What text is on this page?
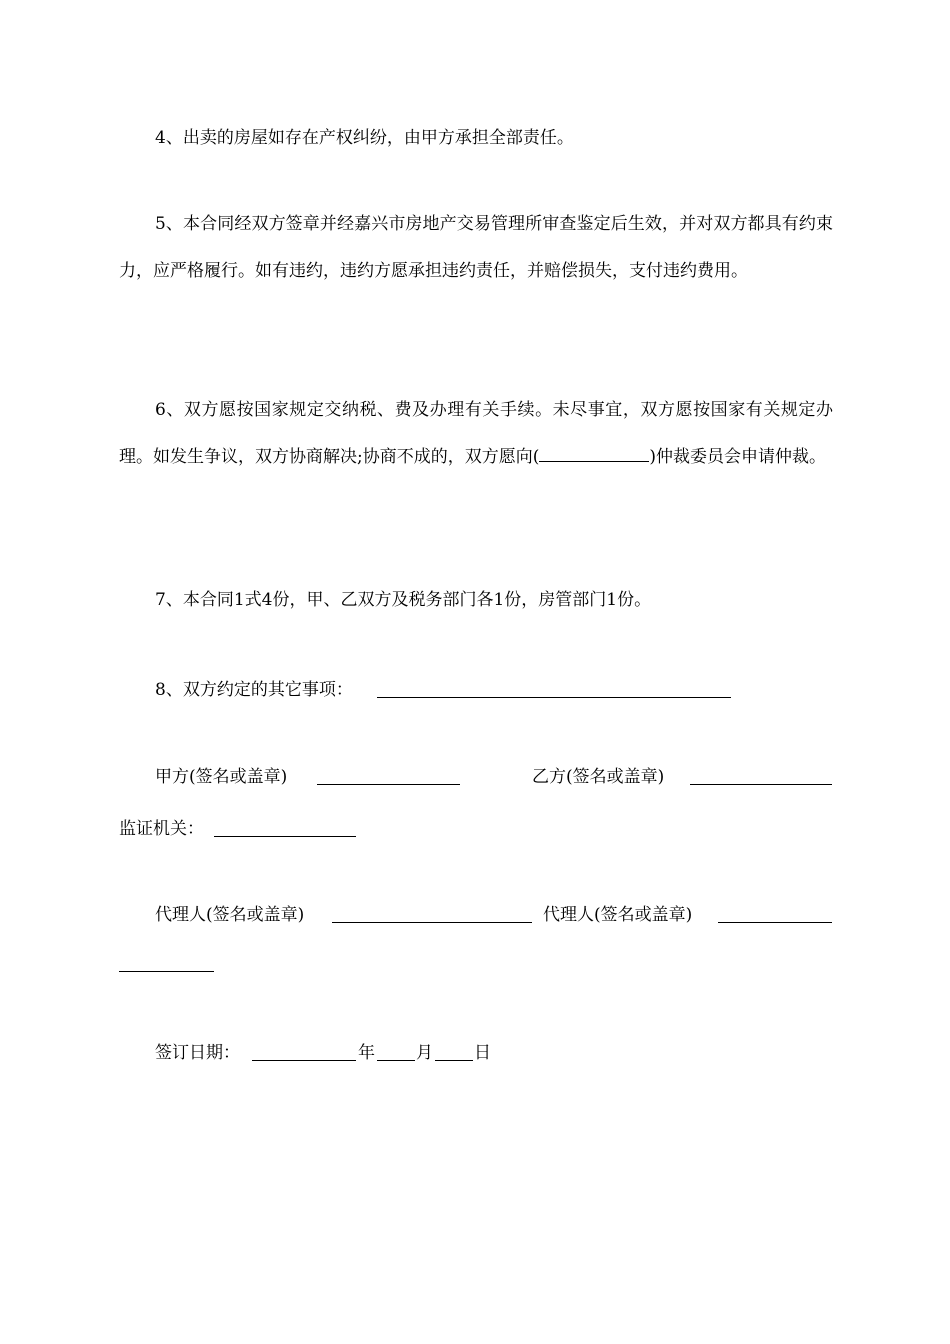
4、出卖的房屋如存在产权纠纷，由甲方承担全部责任。

5、本合同经双方签章并经嘉兴市房地产交易管理所审查鉴定后生效，并对双方都具有约束力，应严格履行。如有违约，违约方愿承担违约责任，并赔偿损失，支付违约费用。

6、双方愿按国家规定交纳税、费及办理有关手续。未尽事宜，双方愿按国家有关规定办理。如发生争议，双方协商解决;协商不成的，双方愿向(	)仲裁委员会申请仲裁。

7、本合同1式4份，甲、乙双方及税务部门各1份，房管部门1份。

8、双方约定的其它事项：
甲方(签名或盖章)	乙方(签名或盖章)
监证机关：
代理人(签名或盖章)	代理人(签名或盖章)
签订日期：	年 月 日
